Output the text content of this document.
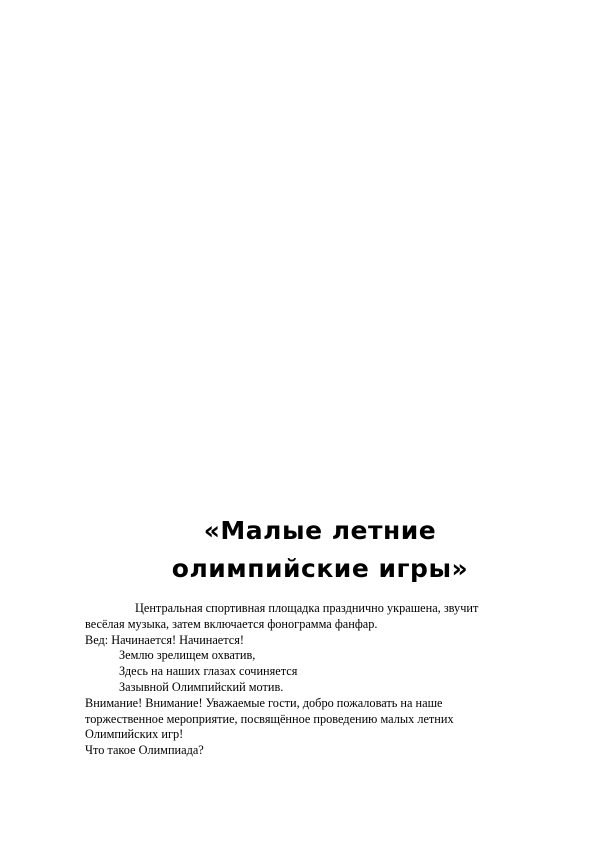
«Малые летние
олимпийские игры»

Центральная спортивная площадка празднично украшена, звучит

весёлая музыка, затем включается фонограмма фанфар.

Вед: Начинается! Начинается!

Землю зрелищем охватив,

Здесь на наших глазах сочиняется

Зазывной Олимпийский мотив.

Внимание! Внимание! Уважаемые гости, добро пожаловать на наше

торжественное мероприятие, посвящённое проведению малых летних

Олимпийских игр!

Что такое Олимпиада?
